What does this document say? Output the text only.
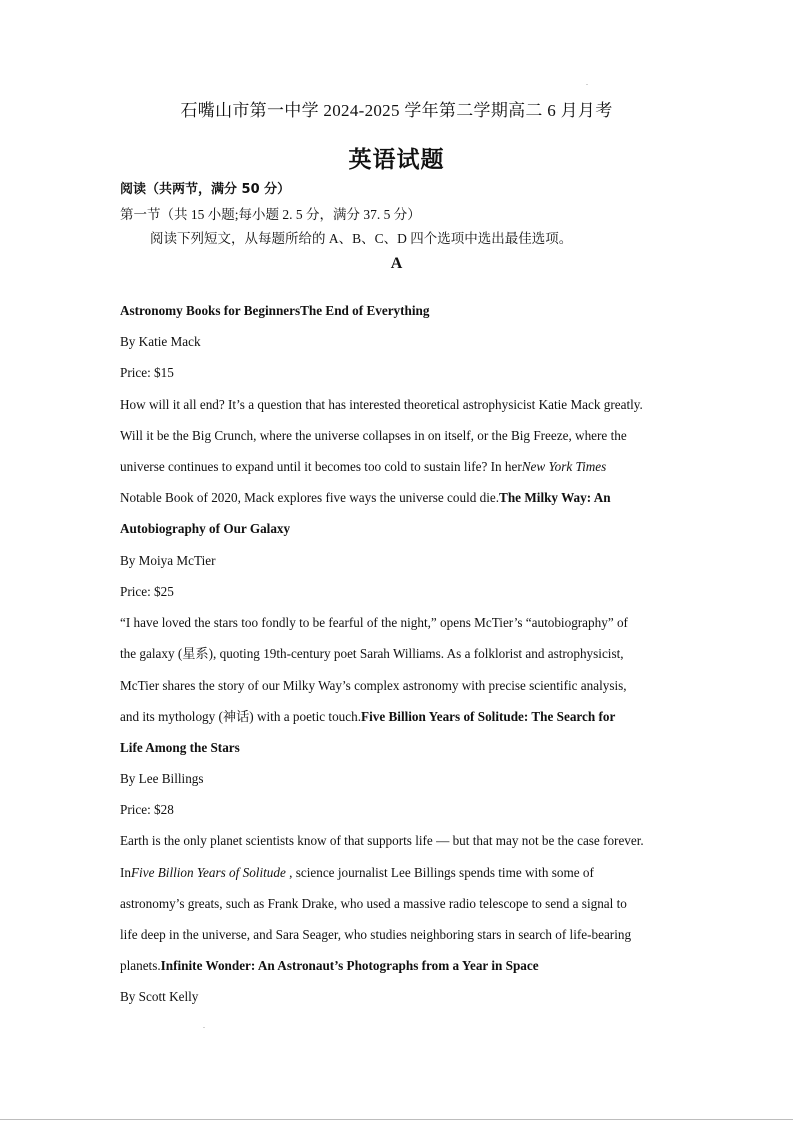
.
石嘴山市第一中学 2024-2025 学年第二学期高二 6 月月考
英语试题
阅读（共两节，满分 50 分）
第一节（共 15 小题;每小题 2. 5 分，满分 37. 5 分）
阅读下列短文，从每题所给的 A、B、C、D 四个选项中选出最佳选项。
A
Astronomy Books for BeginnersThe End of Everything
By Katie Mack
Price: $15
How will it all end? It’s a question that has interested theoretical astrophysicist Katie Mack greatly.
Will it be the Big Crunch, where the universe collapses in on itself, or the Big Freeze, where the
universe continues to expand until it becomes too cold to sustain life? In herNew York Times
Notable Book of 2020, Mack explores five ways the universe could die.The Milky Way: An
Autobiography of Our Galaxy
By Moiya McTier
Price: $25
“I have loved the stars too fondly to be fearful of the night,” opens McTier’s “autobiography” of
the galaxy (星系), quoting 19th-century poet Sarah Williams. As a folklorist and astrophysicist,
McTier shares the story of our Milky Way’s complex astronomy with precise scientific analysis,
and its mythology (神话) with a poetic touch.Five Billion Years of Solitude: The Search for
Life Among the Stars
By Lee Billings
Price: $28
Earth is the only planet scientists know of that supports life — but that may not be the case forever.
InFive Billion Years of Solitude , science journalist Lee Billings spends time with some of
astronomy’s greats, such as Frank Drake, who used a massive radio telescope to send a signal to
life deep in the universe, and Sara Seager, who studies neighboring stars in search of life-bearing
planets.Infinite Wonder: An Astronaut’s Photographs from a Year in Space
By Scott Kelly
.
